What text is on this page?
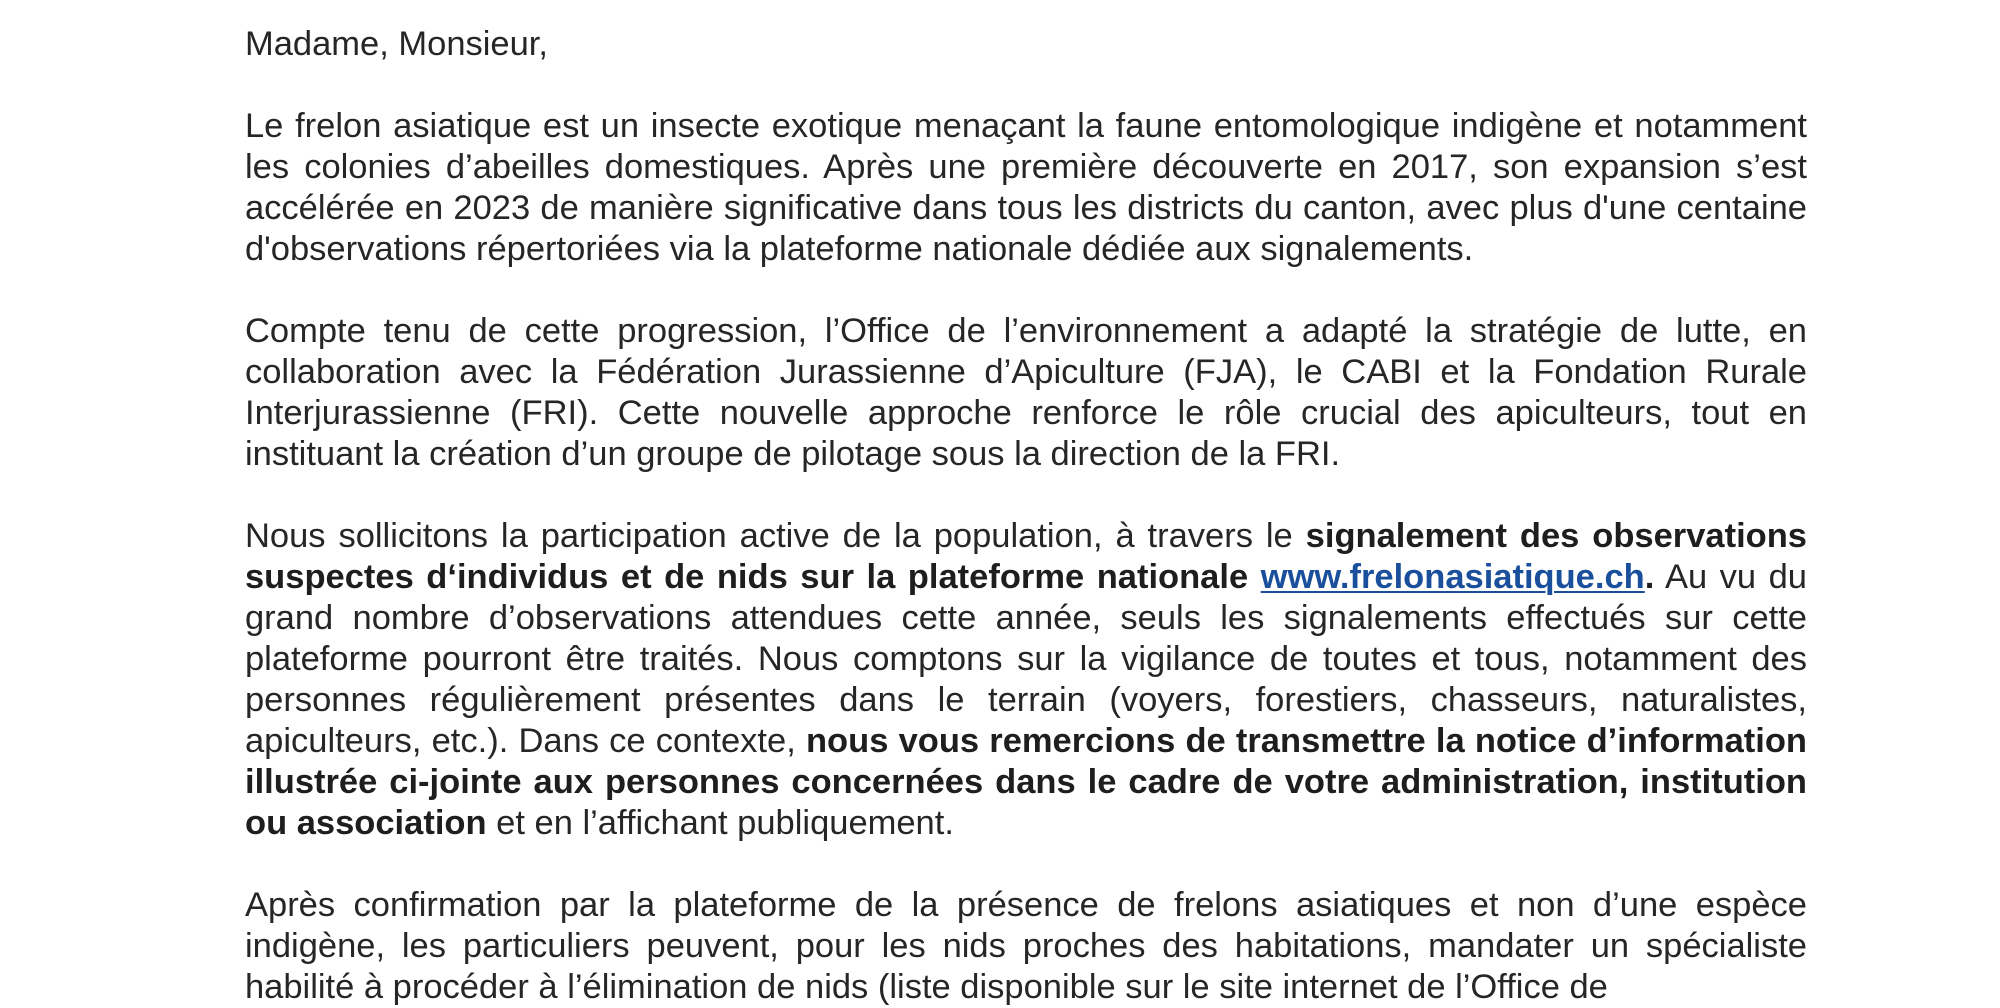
Madame, Monsieur,

Le frelon asiatique est un insecte exotique menaçant la faune entomologique indigène et notamment les colonies d’abeilles domestiques. Après une première découverte en 2017, son expansion s’est accélérée en 2023 de manière significative dans tous les districts du canton, avec plus d'une centaine d'observations répertoriées via la plateforme nationale dédiée aux signalements.

Compte tenu de cette progression, l’Office de l’environnement a adapté la stratégie de lutte, en collaboration avec la Fédération Jurassienne d’Apiculture (FJA), le CABI et la Fondation Rurale Interjurassienne (FRI). Cette nouvelle approche renforce le rôle crucial des apiculteurs, tout en instituant la création d’un groupe de pilotage sous la direction de la FRI.

Nous sollicitons la participation active de la population, à travers le signalement des observations suspectes d‘individus et de nids sur la plateforme nationale www.frelonasiatique.ch. Au vu du grand nombre d’observations attendues cette année, seuls les signalements effectués sur cette plateforme pourront être traités. Nous comptons sur la vigilance de toutes et tous, notamment des personnes régulièrement présentes dans le terrain (voyers, forestiers, chasseurs, naturalistes, apiculteurs, etc.). Dans ce contexte, nous vous remercions de transmettre la notice d’information illustrée ci-jointe aux personnes concernées dans le cadre de votre administration, institution ou association et en l’affichant publiquement.

Après confirmation par la plateforme de la présence de frelons asiatiques et non d’une espèce indigène, les particuliers peuvent, pour les nids proches des habitations, mandater un spécialiste habilité à procéder à l’élimination de nids (liste disponible sur le site internet de l’Office de
